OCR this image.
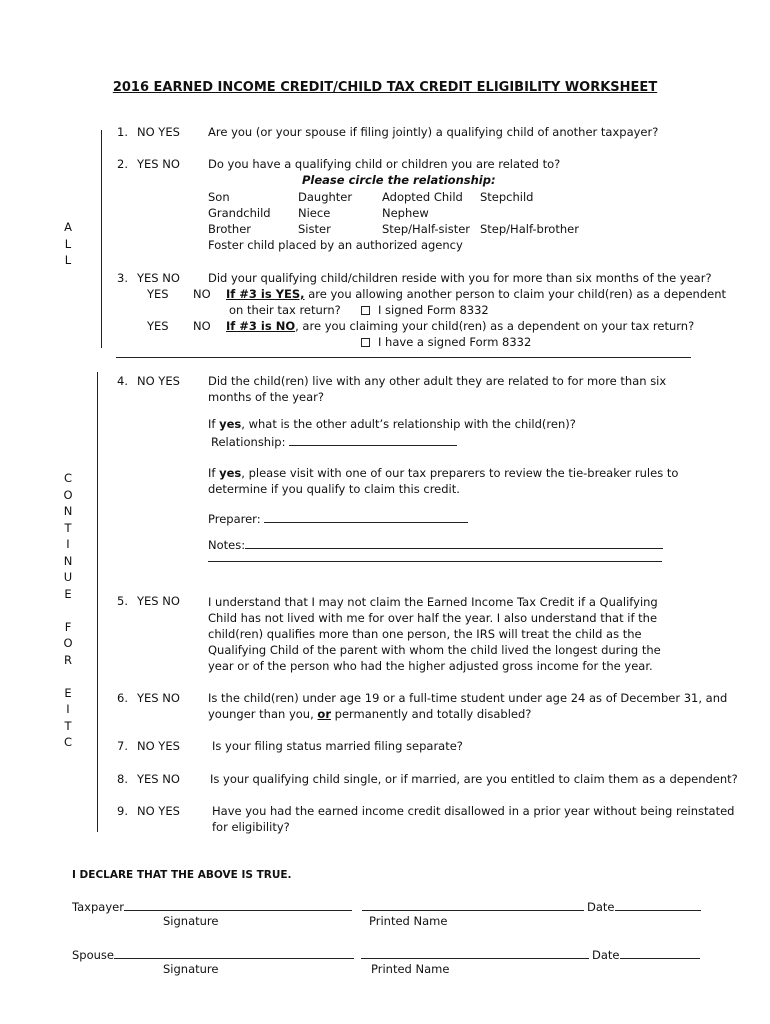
2016 EARNED INCOME CREDIT/CHILD TAX CREDIT ELIGIBILITY WORKSHEET
A
L
L
C
O
N
T
I
N
U
E

F
O
R

E
I
T
C
1. NO YES Are you (or your spouse if filing jointly) a qualifying child of another taxpayer?
2. YES NO Do you have a qualifying child or children you are related to?
Please circle the relationship:
Son	Daughter	Adopted Child Stepchild
Grandchild Niece	Nephew
Brother	Sister	Step/Half-sister Step/Half-brother
Foster child placed by an authorized agency
3. YES NO Did your qualifying child/children reside with you for more than six months of the year?
YES NO If #3 is YES, are you allowing another person to claim your child(ren) as a dependent
on their tax return?	I signed Form 8332
YES NO If #3 is NO, are you claiming your child(ren) as a dependent on your tax return?
I have a signed Form 8332
4. NO YES Did the child(ren) live with any other adult they are related to for more than six
months of the year?
If yes, what is the other adult’s relationship with the child(ren)?
Relationship:
If yes, please visit with one of our tax preparers to review the tie-breaker rules to
determine if you qualify to claim this credit.
Preparer:
Notes:
5. YES NO I understand that I may not claim the Earned Income Tax Credit if a Qualifying Child has not lived with me for over half the year. I also understand that if the child(ren) qualifies more than one person, the IRS will treat the child as the Qualifying Child of the parent with whom the child lived the longest during the year or of the person who had the higher adjusted gross income for the year.
6. YES NO Is the child(ren) under age 19 or a full-time student under age 24 as of December 31, and
younger than you, or permanently and totally disabled?
7. NO YES	Is your filing status married filing separate?
8. YES NO	Is your qualifying child single, or if married, are you entitled to claim them as a dependent?
9. NO YES	Have you had the earned income credit disallowed in a prior year without being reinstated
for eligibility?
I DECLARE THAT THE ABOVE IS TRUE.
Taxpayer	Date
Signature	Printed Name
Spouse	Date
Signature	Printed Name
